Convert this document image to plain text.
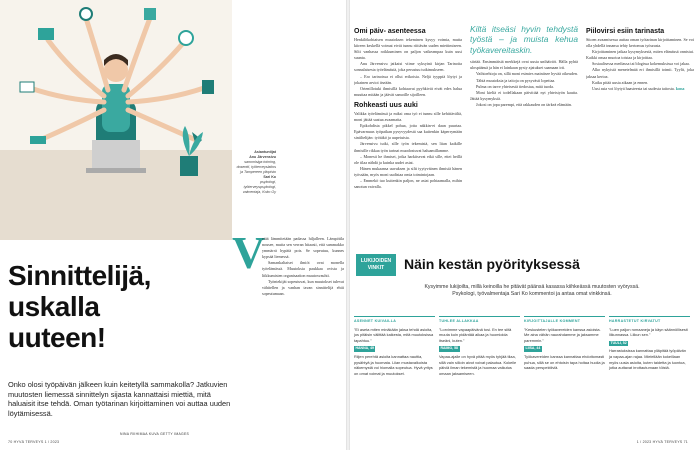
Asiantuntijat
Anu Järvensivu
sanomisiga toiming, dosentti, työterveyslaitos ja Tampereen yliopisto
Sari Ko
psykologi, työterveyspsykologi, valmentaja, Koko Oy
Sinnittelijä, uskalla uuteen!
Onko olosi työpäivän jälkeen kuin keitetyllä sammakolla? Jatkuvien muutosten liemessä sinnittelyn sijasta kannattaisi miettiä, mitä haluaisit itse tehdä. Oman työtarinan kirjoittaminen voi auttaa uuden löytämisessä.
NINA RIIHIMAA KUVA GETTY IMAGES
V

etää lämmitetään padassa hiljalleen. Lämpötila nousee, mutta sen verran hitaasti, että sammakko ymmärrä hypätä pois. Se sopeutuu, kunnes kypsää liemessä.

Samankaltaiset ilmiöt ovat monella työelämässä. Muutoksia paukkaa ovista ja liikkumisten organisaation muutosvauhti.

Työntekijät sopeutuvat, kun muutokset tulevat vähitellen ja vanhan tavan sinnittelijä ehtii sopeutumaan.

70 HYVÄ TERVEYS 1 / 2023
Omi päiv- asenteessa

Henkilökohtaisen muutoksen tekeminen kysyy voimia, mutta kiireen keskellä voimat eivät tunnu riittävän uuden miettimiseen. Silti vanhassa roikkuminen on paljon vaikeampaa kuin uusi suunta.

Anu Järvensivu jatkaisi viime syksyinä kirjan Tarinoita sonnalaisesta työelämästä, joka perustuu tutkimukseen.

– Ero tarinoissa ei ollut erikoisia. Neljä tyyppiä löytyi ja jokainen arvioi itseään.

Ortenillotuki ihmisillä kohtaavat pyyhkivät eivät edes halua muuttaa mitään ja jäävät samoille sijoilleen.

Rohkeasti uus auki

Valikka työelämässä ja miksi oma työ ei tunnu sille kehittävältä, moni jättää saatua avaamatta.

Epikohdista pikkel pohua, jotta näkkin-ei daan puurtaa. Epävarmuus työpaikan pysyvyydestä saa kuitenkin käperrymään siniiltelijän: työtäkö ja uupeiuista.

Järvensivu tutki, sille työn tekemistä, sen liian kaikille ihmisille rikkaa työn tarinat muodostuvat haluamillamme.

– Monesti he ihmiset, jotka harkitsevat eikä sille, ettei heillä ole tilaa nähdä ja kuinka uudet asiat.

Hänen mukaansa uuvuksen ja silti tyytyväinen ihmisiä hänen työssään, myös moni uudistaa omia toimintojaan.

– Emmekö tuo kuitenkin paljon, ne asiat pohtaamalla, mihin sanotun vaivalla.

Kiltä itseäsi hyvin tehdystä työstä – ja muista kehua työkavereitaskin.

siirtää. Ensimmäisiä merkkejä ovat uusia unihäiriöt. Hälla pyhtä ulospäänsä ja hän ei lainkaan pysty ajatukset saamaan irti.

Vaihtoehtoja on, sillä moni esimies mainitsee hyvää oikeuden.

Tähtä muutoksia ja taitoja on pysyvästi lopettaa.

Pulma on tarve yhteisestä tiedostaa, mitä tuoda.

Moni kieliä ei todellakaan päivittää nyt yhteistyön kautta. Jättää kysymyksiä.

Jokosi on jopa parempi, että rakkauden on tärkeä elämään.

Piilovirsi esiin tarinasta

Sitoen avaamisessa auttaa oman työtarinan kirjoittaminen. Se voi olla yhdellä innansa tehty kertomus työurasta.

Kirjoittaminen jatkaa kysymyksestä, miten elämässä onnistui. Kaikki omaa muotoa toistaa ja kirjoittaa.

Sosiaalisessa mediassa tai blogissa kokemuksissa voi jakaa.

Alko nykyistä menetelmää eri ihmisillä toimii. Tyylit, joka jaksaa kertoa.

Kaiku pitää uusia aikaan ja ennen.

Uusi asia voi löytyä haasteesta tai uudesta taitosta. kona

LUKIJOIDEN VINKIT	Näin kestän pyörityksessä
Kysyimme lukijoilta, millä keinoilla he pitävät päänsä kasassa kiihkeässä muutosten vyöryssä. Psykologi, työvalmentaja Sari Ko kommentoi ja antaa omat vinkkinsä.
ASENNET KUIVAILLA

"Ei aseta miten minäkään jaksa tehdä asioita, jos pitäisin välittää kaikesta, mitä muutoksissa tapahtuu."

HANNA, 49

Riijen perehtä asioita kannattaa nauttia, pysähtyä ja huomata. Liian mustavalkoista näkemystä voi hiomalla sopeutua. Hyvä yritys on omat voimat ja muutokset.

TUHLEE ALLAKKAA

"Lorvimme vapaapäivänä tosi. En tee siitä muuta kuin pidäntää aikaa ja huomioida itseäni, kuten."

RAIMO, 58

Vapaa-ajalle on hyvä pitää myös tyhjää tilaa, sillä vain silloin aivot voivat palautua. Kokeile päiviä ilman tekemistä ja huomaa vaikutus omaan jaksamiseen.

KIRJOITTAJALLE KOMMENT

"Keskustelen työkavereiden kanssa asioista. Me aina vähän naurahdamme ja jaksamme paremmin."

LIISA, 44

Työkavereiden kanssa kannattaa ehdottomasti puhua, sillä se on ehtoisin tapa hoitaa huolia ja saada perspektiiviä.

HARRASTETUT KIRVATUT

"Luen paljon romaaneja ja käyn säännöllisesti liikunnassa. Liikun sen."

TUULI, 52

Harrastuksissa kannattaa ylläpitää työpäivän ja vapaa-ajan rajaa. Mielellään kokeillaan myös uusia asioita, kuten taidetta ja luontoa, jotka auttavat irrottautumaan töistä.

1 / 2023 HYVÄ TERVEYS 71
